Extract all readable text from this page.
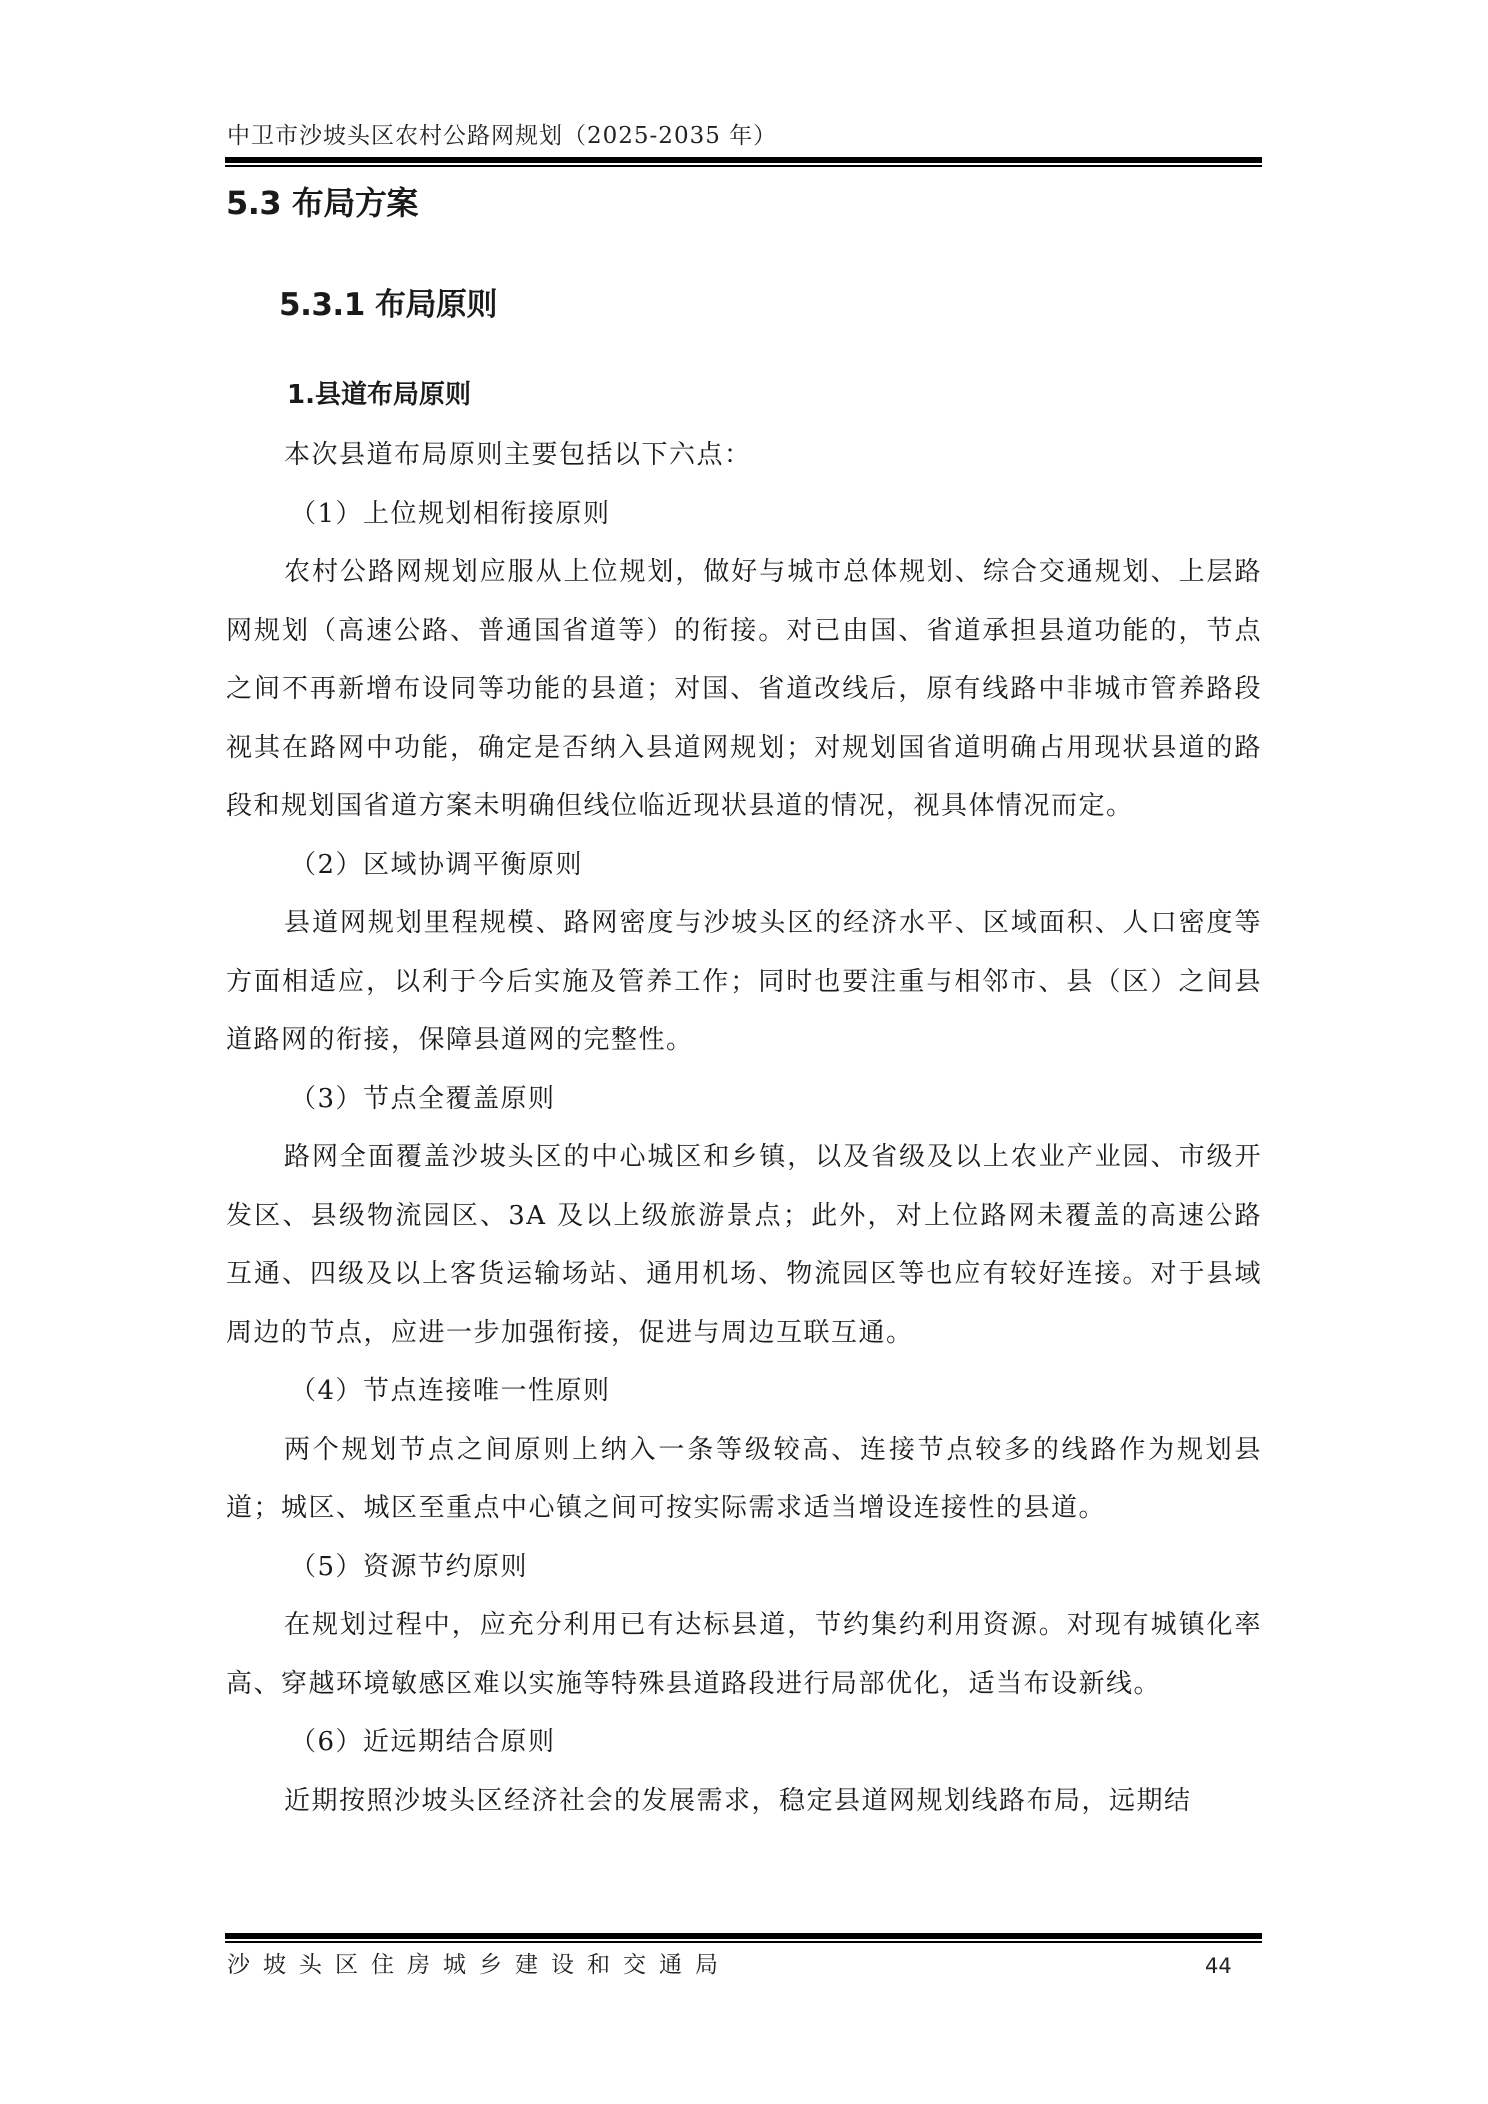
中卫市沙坡头区农村公路网规划（2025-2035 年）
5.3 布局方案
5.3.1 布局原则
1.县道布局原则

本次县道布局原则主要包括以下六点：

（1）上位规划相衔接原则

农村公路网规划应服从上位规划，做好与城市总体规划、综合交通规划、上层路网规划（高速公路、普通国省道等）的衔接。对已由国、省道承担县道功能的，节点之间不再新增布设同等功能的县道；对国、省道改线后，原有线路中非城市管养路段视其在路网中功能，确定是否纳入县道网规划；对规划国省道明确占用现状县道的路段和规划国省道方案未明确但线位临近现状县道的情况，视具体情况而定。

（2）区域协调平衡原则

县道网规划里程规模、路网密度与沙坡头区的经济水平、区域面积、人口密度等方面相适应，以利于今后实施及管养工作；同时也要注重与相邻市、县（区）之间县道路网的衔接，保障县道网的完整性。

（3）节点全覆盖原则

路网全面覆盖沙坡头区的中心城区和乡镇，以及省级及以上农业产业园、市级开发区、县级物流园区、3A 及以上级旅游景点；此外，对上位路网未覆盖的高速公路互通、四级及以上客货运输场站、通用机场、物流园区等也应有较好连接。对于县域周边的节点，应进一步加强衔接，促进与周边互联互通。

（4）节点连接唯一性原则

两个规划节点之间原则上纳入一条等级较高、连接节点较多的线路作为规划县道；城区、城区至重点中心镇之间可按实际需求适当增设连接性的县道。

（5）资源节约原则

在规划过程中，应充分利用已有达标县道，节约集约利用资源。对现有城镇化率高、穿越环境敏感区难以实施等特殊县道路段进行局部优化，适当布设新线。

（6）近远期结合原则

近期按照沙坡头区经济社会的发展需求，稳定县道网规划线路布局，远期结

沙坡头区住房城乡建设和交通局	44
